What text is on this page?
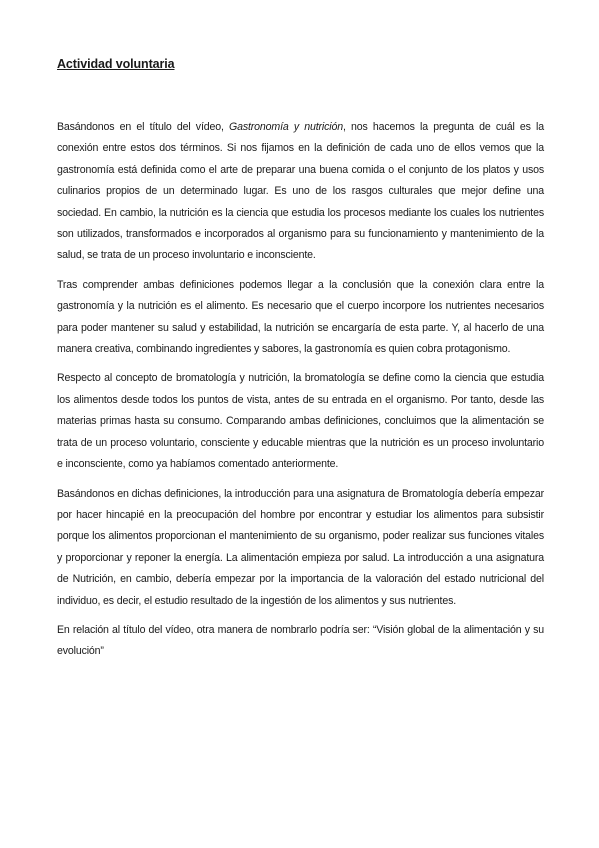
Actividad voluntaria

Basándonos en el título del vídeo, Gastronomía y nutrición, nos hacemos la pregunta de cuál es la conexión entre estos dos términos. Si nos fijamos en la definición de cada uno de ellos vemos que la gastronomía está definida como el arte de preparar una buena comida o el conjunto de los platos y usos culinarios propios de un determinado lugar. Es uno de los rasgos culturales que mejor define una sociedad. En cambio, la nutrición es la ciencia que estudia los procesos mediante los cuales los nutrientes son utilizados, transformados e incorporados al organismo para su funcionamiento y mantenimiento de la salud, se trata de un proceso involuntario e inconsciente.

Tras comprender ambas definiciones podemos llegar a la conclusión que la conexión clara entre la gastronomía y la nutrición es el alimento. Es necesario que el cuerpo incorpore los nutrientes necesarios para poder mantener su salud y estabilidad, la nutrición se encargaría de esta parte. Y, al hacerlo de una manera creativa, combinando ingredientes y sabores, la gastronomía es quien cobra protagonismo.

Respecto al concepto de bromatología y nutrición, la bromatología se define como la ciencia que estudia los alimentos desde todos los puntos de vista, antes de su entrada en el organismo. Por tanto, desde las materias primas hasta su consumo. Comparando ambas definiciones, concluimos que la alimentación se trata de un proceso voluntario, consciente y educable mientras que la nutrición es un proceso involuntario e inconsciente, como ya habíamos comentado anteriormente.

Basándonos en dichas definiciones, la introducción para una asignatura de Bromatología debería empezar por hacer hincapié en la preocupación del hombre por encontrar y estudiar los alimentos para subsistir porque los alimentos proporcionan el mantenimiento de su organismo, poder realizar sus funciones vitales y proporcionar y reponer la energía. La alimentación empieza por salud. La introducción a una asignatura de Nutrición, en cambio, debería empezar por la importancia de la valoración del estado nutricional del individuo, es decir, el estudio resultado de la ingestión de los alimentos y sus nutrientes.

En relación al título del vídeo, otra manera de nombrarlo podría ser: “Visión global de la alimentación y su evolución”
